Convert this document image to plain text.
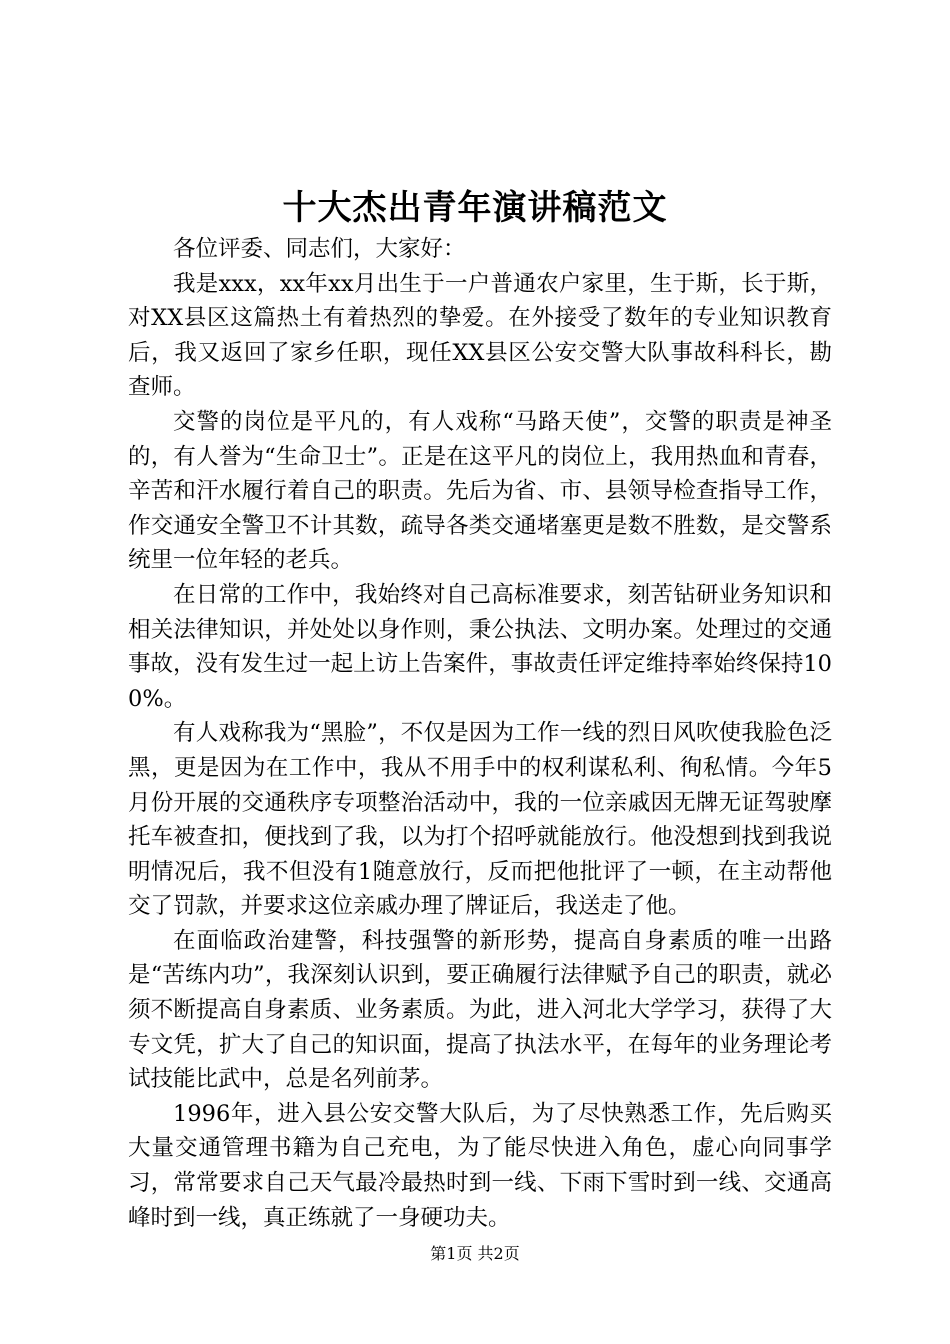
十大杰出青年演讲稿范文

各位评委、同志们，大家好：

我是xxx，xx年xx月出生于一户普通农户家里，生于斯，长于斯，对XX县区这篇热土有着热烈的挚爱。在外接受了数年的专业知识教育后，我又返回了家乡任职，现任XX县区公安交警大队事故科科长，勘查师。

交警的岗位是平凡的，有人戏称“马路天使”，交警的职责是神圣的，有人誉为“生命卫士”。正是在这平凡的岗位上，我用热血和青春，辛苦和汗水履行着自己的职责。先后为省、市、县领导检查指导工作，作交通安全警卫不计其数，疏导各类交通堵塞更是数不胜数，是交警系统里一位年轻的老兵。

在日常的工作中，我始终对自己高标准要求，刻苦钻研业务知识和相关法律知识，并处处以身作则，秉公执法、文明办案。处理过的交通事故，没有发生过一起上访上告案件，事故责任评定维持率始终保持100%。

有人戏称我为“黑脸”，不仅是因为工作一线的烈日风吹使我脸色泛黑，更是因为在工作中，我从不用手中的权利谋私利、徇私情。今年5月份开展的交通秩序专项整治活动中，我的一位亲戚因无牌无证驾驶摩托车被查扣，便找到了我，以为打个招呼就能放行。他没想到找到我说明情况后，我不但没有1随意放行，反而把他批评了一顿，在主动帮他交了罚款，并要求这位亲戚办理了牌证后，我送走了他。

在面临政治建警，科技强警的新形势，提高自身素质的唯一出路是“苦练内功”，我深刻认识到，要正确履行法律赋予自己的职责，就必须不断提高自身素质、业务素质。为此，进入河北大学学习，获得了大专文凭，扩大了自己的知识面，提高了执法水平，在每年的业务理论考试技能比武中，总是名列前茅。

1996年，进入县公安交警大队后，为了尽快熟悉工作，先后购买大量交通管理书籍为自己充电，为了能尽快进入角色，虚心向同事学习，常常要求自己天气最冷最热时到一线、下雨下雪时到一线、交通高峰时到一线，真正练就了一身硬功夫。

第1页 共2页
